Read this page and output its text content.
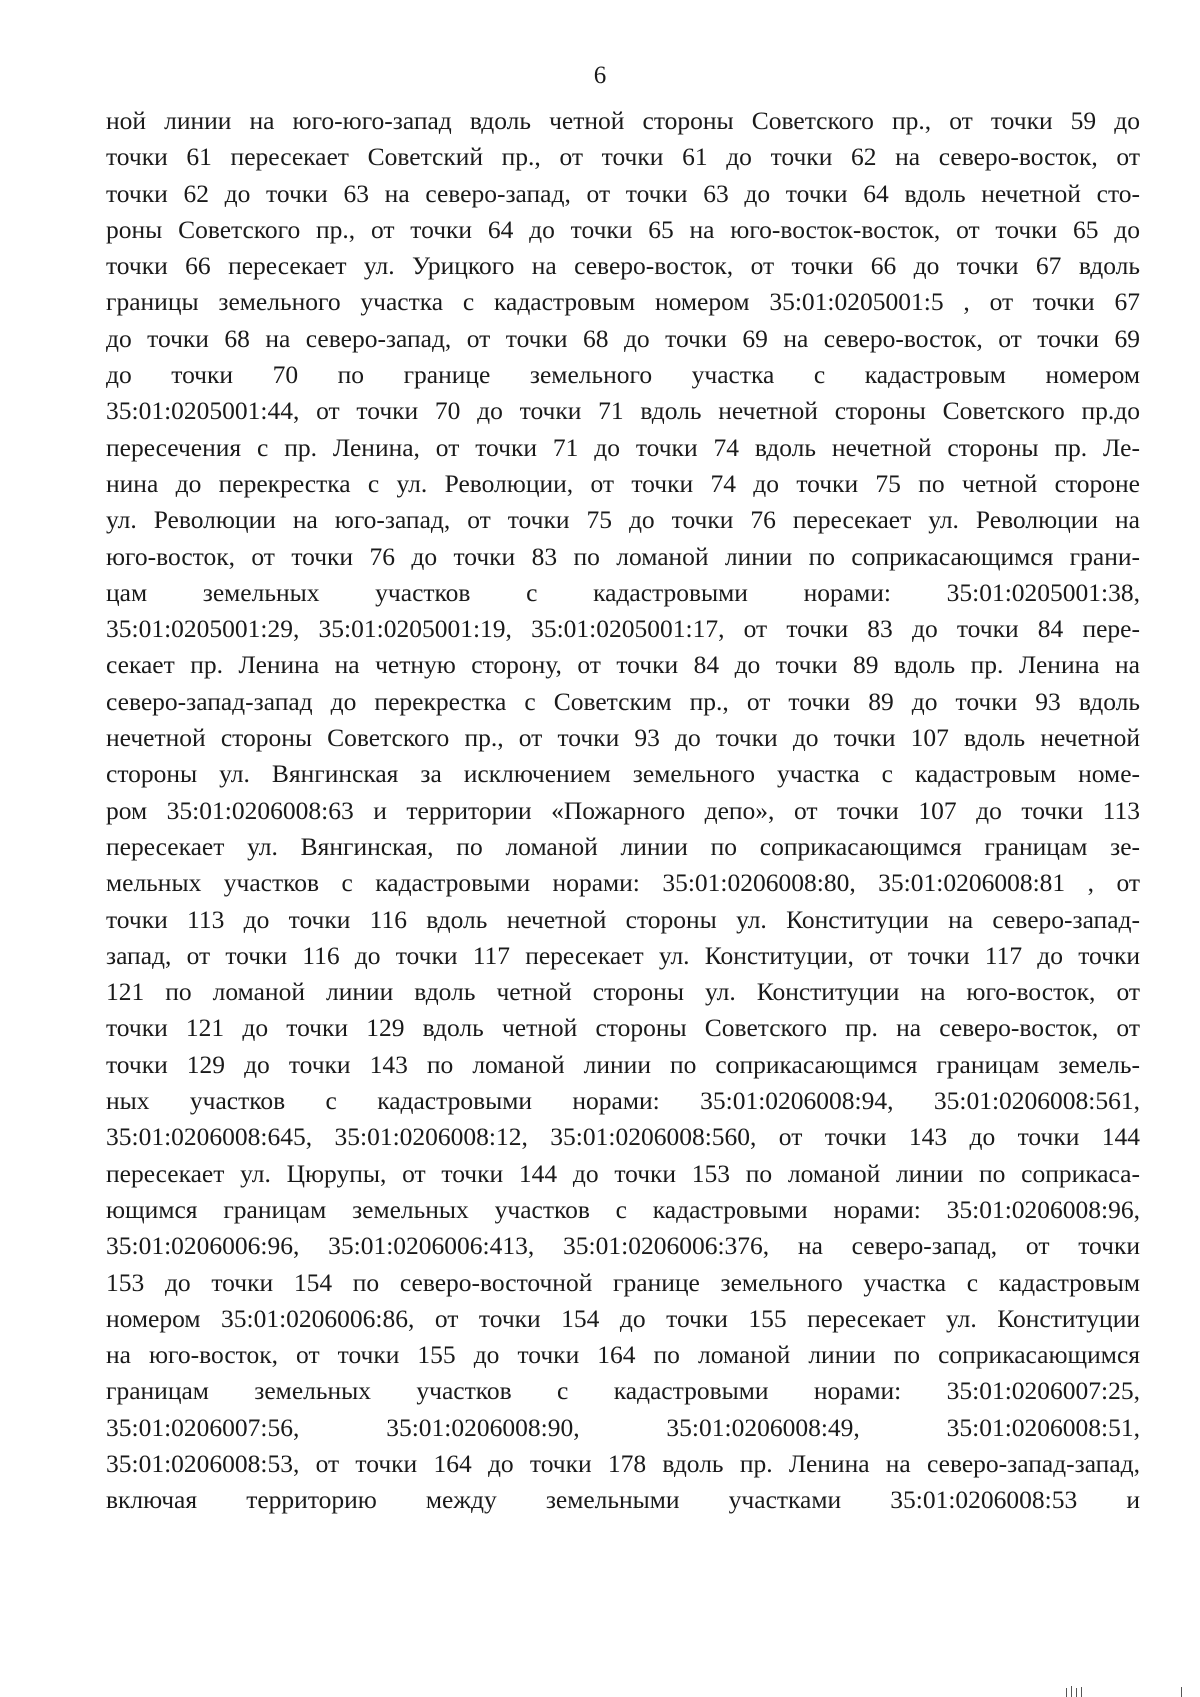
6
ной линии на юго-юго-запад вдоль четной стороны Советского пр., от точки 59 до
точки 61 пересекает Советский пр., от точки 61 до точки 62 на северо-восток, от
точки 62 до точки 63 на северо-запад, от точки 63 до точки 64 вдоль нечетной сто-
роны Советского пр., от точки 64 до точки 65 на юго-восток-восток, от точки 65 до
точки 66 пересекает ул. Урицкого на северо-восток, от точки 66 до точки 67 вдоль
границы земельного участка с кадастровым номером 35:01:0205001:5 , от точки 67
до точки 68 на северо-запад, от точки 68 до точки 69 на северо-восток, от точки 69
до точки 70 по границе земельного участка с кадастровым номером
35:01:0205001:44, от точки 70 до точки 71 вдоль нечетной стороны Советского пр.до
пересечения с пр. Ленина, от точки 71 до точки 74 вдоль нечетной стороны пр. Ле-
нина до перекрестка с ул. Революции, от точки 74 до точки 75 по четной стороне
ул. Революции на юго-запад, от точки 75 до точки 76 пересекает ул. Революции на
юго-восток, от точки 76 до точки 83 по ломаной линии по соприкасающимся грани-
цам земельных участков с кадастровыми норами: 35:01:0205001:38,
35:01:0205001:29, 35:01:0205001:19, 35:01:0205001:17, от точки 83 до точки 84 пере-
секает пр. Ленина на четную сторону, от точки 84 до точки 89 вдоль пр. Ленина на
северо-запад-запад до перекрестка с Советским пр., от точки 89 до точки 93 вдоль
нечетной стороны Советского пр., от точки 93 до точки до точки 107 вдоль нечетной
стороны ул. Вянгинская за исключением земельного участка с кадастровым номе-
ром 35:01:0206008:63 и территории «Пожарного депо», от точки 107 до точки 113
пересекает ул. Вянгинская, по ломаной линии по соприкасающимся границам зе-
мельных участков с кадастровыми норами: 35:01:0206008:80, 35:01:0206008:81 , от
точки 113 до точки 116 вдоль нечетной стороны ул. Конституции на северо-запад-
запад, от точки 116 до точки 117 пересекает ул. Конституции, от точки 117 до точки
121 по ломаной линии вдоль четной стороны ул. Конституции на юго-восток, от
точки 121 до точки 129 вдоль четной стороны Советского пр. на северо-восток, от
точки 129 до точки 143 по ломаной линии по соприкасающимся границам земель-
ных участков с кадастровыми норами: 35:01:0206008:94, 35:01:0206008:561,
35:01:0206008:645, 35:01:0206008:12, 35:01:0206008:560, от точки 143 до точки 144
пересекает ул. Цюрупы, от точки 144 до точки 153 по ломаной линии по соприкаса-
ющимся границам земельных участков с кадастровыми норами: 35:01:0206008:96,
35:01:0206006:96, 35:01:0206006:413, 35:01:0206006:376, на северо-запад, от точки
153 до точки 154 по северо-восточной границе земельного участка с кадастровым
номером 35:01:0206006:86, от точки 154 до точки 155 пересекает ул. Конституции
на юго-восток, от точки 155 до точки 164 по ломаной линии по соприкасающимся
границам земельных участков с кадастровыми норами: 35:01:0206007:25,
35:01:0206007:56, 35:01:0206008:90, 35:01:0206008:49, 35:01:0206008:51,
35:01:0206008:53, от точки 164 до точки 178 вдоль пр. Ленина на северо-запад-запад,
включая территорию между земельными участками 35:01:0206008:53 и
